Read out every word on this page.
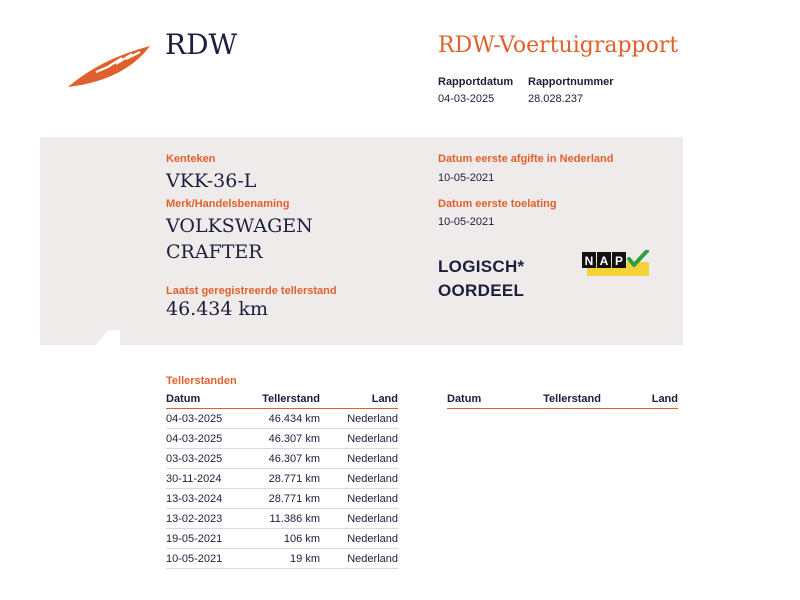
RDW	RDW-Voertuigrapport
Rapportdatum
04-03-2025
Rapportnummer
28.028.237
Kenteken
VKK-36-L
Merk/Handelsbenaming
VOLKSWAGEN
CRAFTER
Laatst geregistreerde tellerstand
46.434 km
Datum eerste afgifte in Nederland
10-05-2021
Datum eerste toelating
10-05-2021
LOGISCH*
OORDEEL
N A P
Tellerstanden
Datum	Tellerstand	Land
04-03-2025	46.434 km	Nederland
04-03-2025	46.307 km	Nederland
03-03-2025	46.307 km	Nederland
30-11-2024	28.771 km	Nederland
13-03-2024	28.771 km	Nederland
13-02-2023	11.386 km	Nederland
19-05-2021	106 km	Nederland
10-05-2021	19 km	Nederland
Datum	Tellerstand	Land
